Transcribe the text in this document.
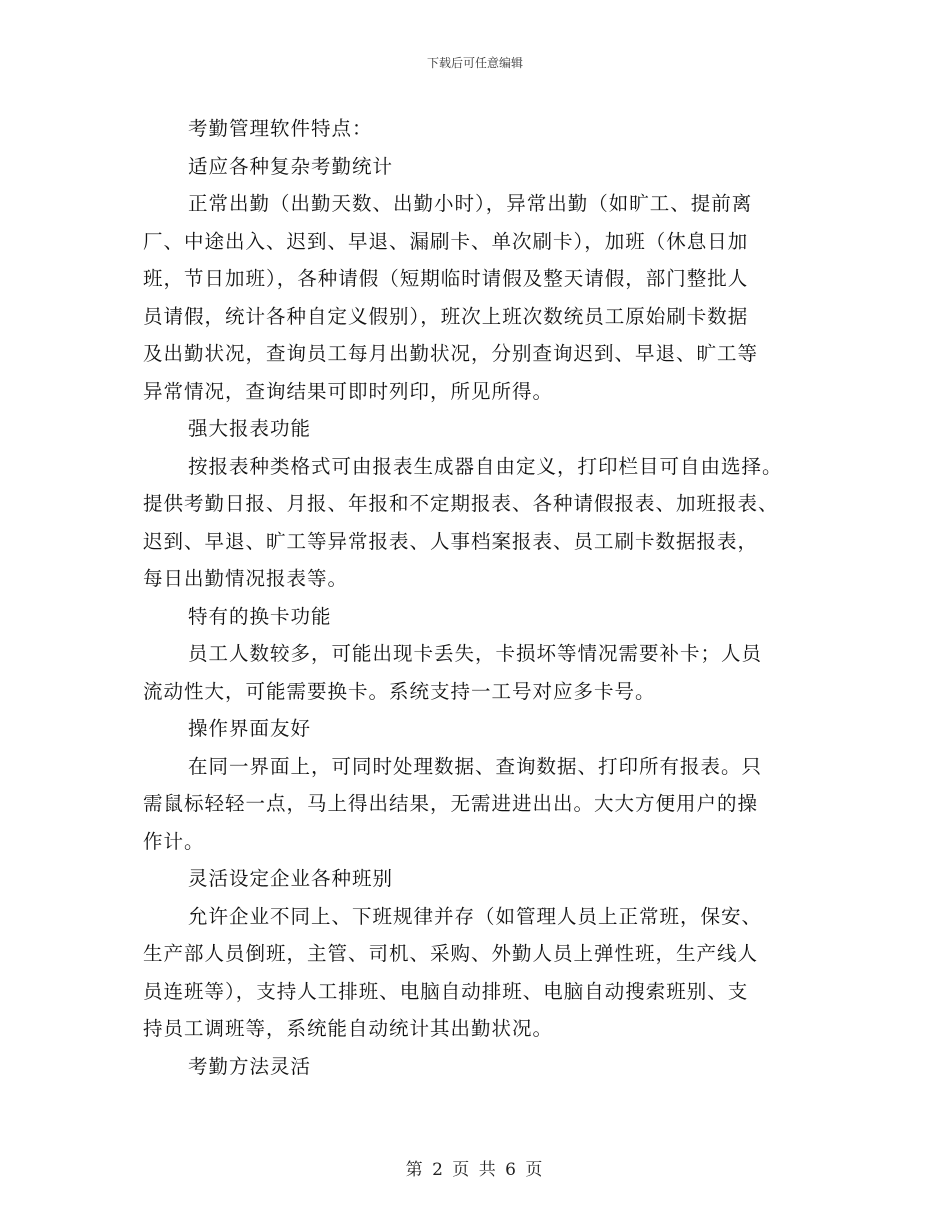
下载后可任意编辑
考勤管理软件特点：
适应各种复杂考勤统计
正常出勤（出勤天数、出勤小时），异常出勤（如旷工、提前离
厂、中途出入、迟到、早退、漏刷卡、单次刷卡），加班（休息日加
班，节日加班），各种请假（短期临时请假及整天请假，部门整批人
员请假，统计各种自定义假别），班次上班次数统员工原始刷卡数据
及出勤状况，查询员工每月出勤状况，分别查询迟到、早退、旷工等
异常情况，查询结果可即时列印，所见所得。
强大报表功能
按报表种类格式可由报表生成器自由定义，打印栏目可自由选择。
提供考勤日报、月报、年报和不定期报表、各种请假报表、加班报表、
迟到、早退、旷工等异常报表、人事档案报表、员工刷卡数据报表，
每日出勤情况报表等。
特有的换卡功能
员工人数较多，可能出现卡丢失，卡损坏等情况需要补卡；人员
流动性大，可能需要换卡。系统支持一工号对应多卡号。
操作界面友好
在同一界面上，可同时处理数据、查询数据、打印所有报表。只
需鼠标轻轻一点，马上得出结果，无需进进出出。大大方便用户的操
作计。
灵活设定企业各种班别
允许企业不同上、下班规律并存（如管理人员上正常班，保安、
生产部人员倒班，主管、司机、采购、外勤人员上弹性班，生产线人
员连班等），支持人工排班、电脑自动排班、电脑自动搜索班别、支
持员工调班等，系统能自动统计其出勤状况。
考勤方法灵活
第 2 页 共 6 页
